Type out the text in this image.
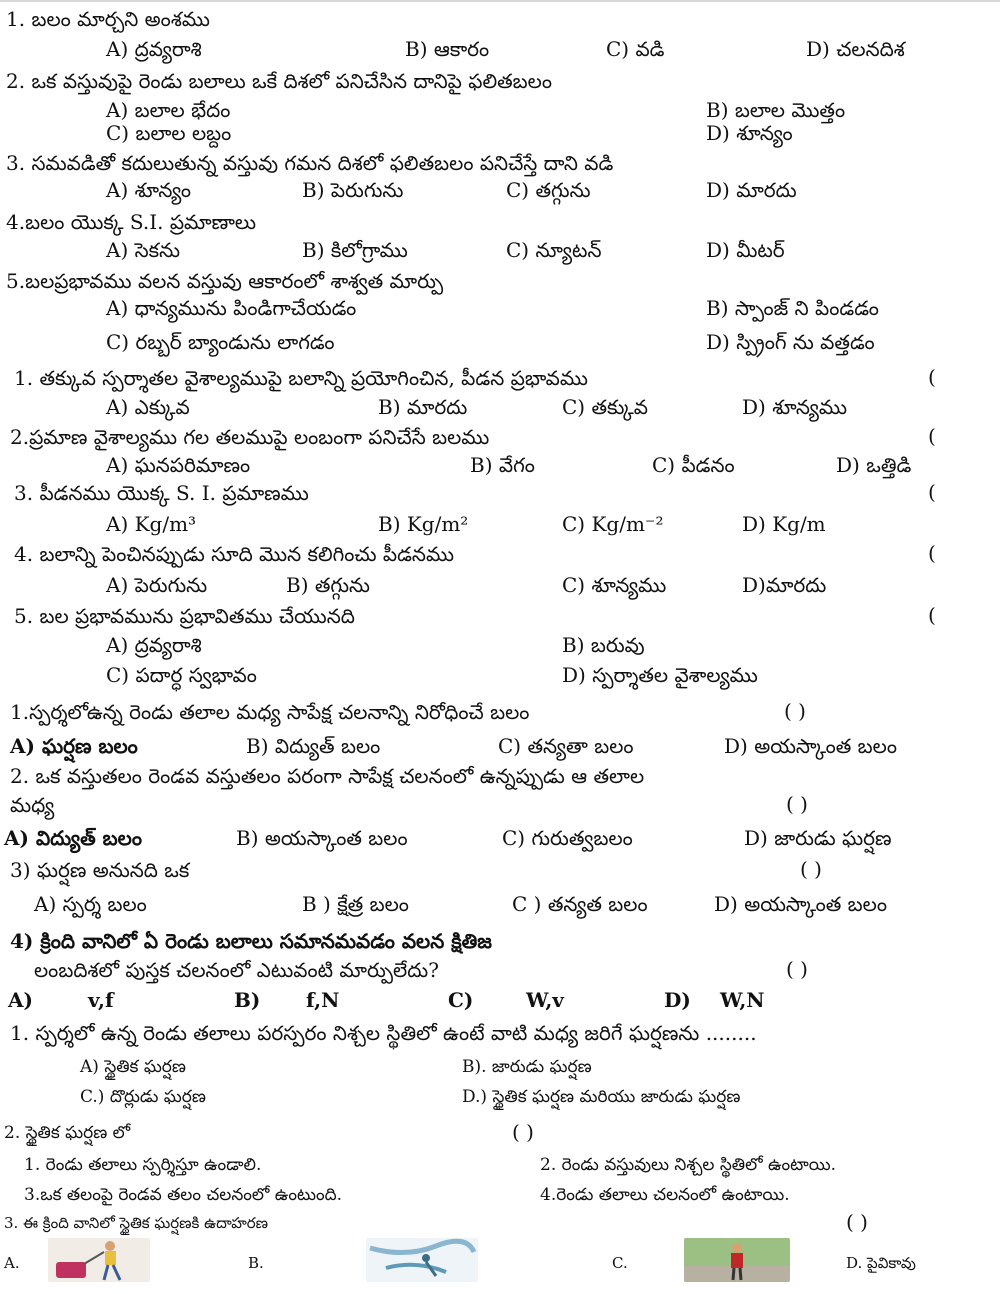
1. బలం మార్చని అంశము
A) ద్రవ్యరాశి	B) ఆకారం	C) వడి	D) చలనదిశ
2. ఒక వస్తువుపై రెండు బలాలు ఒకే దిశలో పనిచేసిన దానిపై ఫలితబలం
A) బలాల భేదం	B) బలాల మొత్తం
C) బలాల లబ్దం	D) శూన్యం
3. సమవడితో కదులుతున్న వస్తువు గమన దిశలో ఫలితబలం పనిచేస్తే దాని వడి
A) శూన్యం	B) పెరుగును	C) తగ్గును	D) మారదు
4.బలం యొక్క S.I. ప్రమాణాలు
A) సెకను	B) కిలోగ్రాము	C) న్యూటన్	D) మీటర్
5.బలప్రభావము వలన వస్తువు ఆకారంలో శాశ్వత మార్పు
A) ధాన్యమును పిండిగాచేయడం	B) స్పాంజ్ ని పిండడం
C) రబ్బర్ బ్యాండును లాగడం	D) స్ప్రింగ్ ను వత్తడం
1. తక్కువ స్పర్శాతల వైశాల్యముపై బలాన్ని ప్రయోగించిన, పీడన ప్రభావము	(
A) ఎక్కువ	B) మారదు	C) తక్కువ	D) శూన్యము
2.ప్రమాణ వైశాల్యము గల తలముపై లంబంగా పనిచేసే బలము	(
A) ఘనపరిమాణం	B) వేగం	C) పీడనం	D) ఒత్తిడి
3. పీడనము యొక్క S. I. ప్రమాణము	(
A) Kg/m³	B) Kg/m²	C) Kg/m⁻²	D) Kg/m
4. బలాన్ని పెంచినప్పుడు సూది మొన కలిగించు పీడనము	(
A) పెరుగును	B) తగ్గును	C) శూన్యము	D)మారదు
5. బల ప్రభావమును ప్రభావితము చేయునది	(
A) ద్రవ్యరాశి	B) బరువు
C) పదార్ధ స్వభావం	D) స్పర్శాతల వైశాల్యము
1.స్పర్శలోఉన్న రెండు తలాల మధ్య సాపేక్ష చలనాన్ని నిరోధించే బలం	( )
A) ఘర్షణ బలం	B) విద్యుత్ బలం	C) తన్యతా బలం	D) అయస్కాంత బలం
2. ఒక వస్తుతలం రెండవ వస్తుతలం పరంగా సాపేక్ష చలనంలో ఉన్నప్పుడు ఆ తలాల
మధ్య	( )
A) విద్యుత్ బలం	B) అయస్కాంత బలం	C) గురుత్వబలం	D) జారుడు ఘర్షణ
3) ఘర్షణ అనునది ఒక	( )
A) స్పర్శ బలం	B ) క్షేత్ర బలం	C ) తన్యత బలం	D) అయస్కాంత బలం
4) క్రింది వానిలో ఏ రెండు బలాలు సమానమవడం వలన క్షితిజ
లంబదిశలో పుస్తక చలనంలో ఎటువంటి మార్పులేదు?	( )
A)	v,f	B) f,N	C)	W,v	D) W,N
1. స్పర్శలో ఉన్న రెండు తలాలు పరస్పరం నిశ్చల స్థితిలో ఉంటే వాటి మధ్య జరిగే ఘర్షణను ........
A) స్థైతిక ఘర్షణ	B). జారుడు ఘర్షణ
C.) దొర్లుడు ఘర్షణ	D.) స్థైతిక ఘర్షణ మరియు జారుడు ఘర్షణ
2. స్థైతిక ఘర్షణ లో	( )
1. రెండు తలాలు స్పర్శిస్తూ ఉండాలి.	2. రెండు వస్తువులు నిశ్చల స్థితిలో ఉంటాయి.
3.ఒక తలంపై రెండవ తలం చలనంలో ఉంటుంది.	4.రెండు తలాలు చలనంలో ఉంటాయి.
3. ఈ క్రింది వానిలో స్థైతిక ఘర్షణకి ఉదాహరణ	( )
A.	B.	C.	D. పైవికావు
